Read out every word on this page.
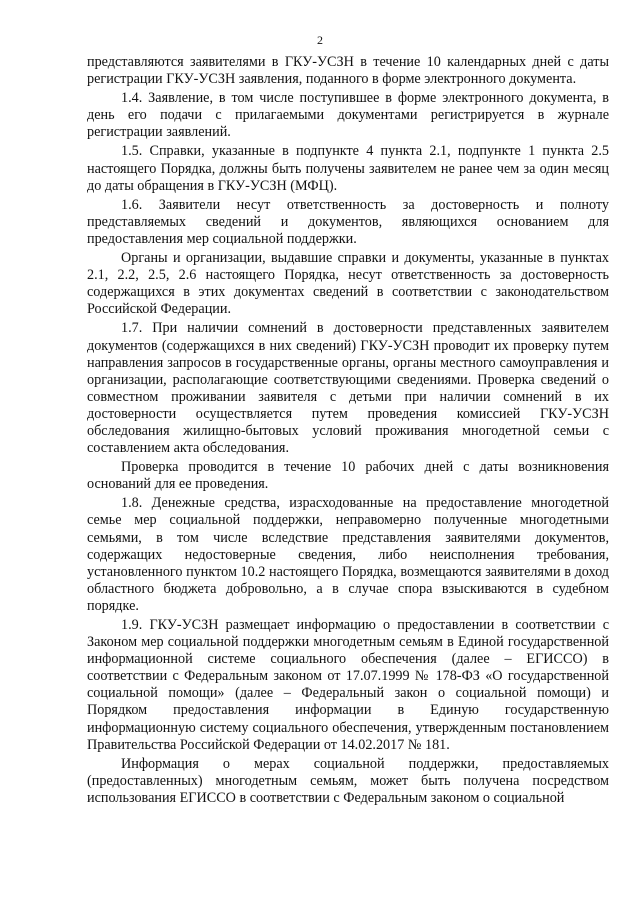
2

представляются заявителями в ГКУ-УСЗН в течение 10 календарных дней с даты регистрации ГКУ-УСЗН заявления, поданного в форме электронного документа.

1.4. Заявление, в том числе поступившее в форме электронного документа, в день его подачи с прилагаемыми документами регистрируется в журнале регистрации заявлений.

1.5. Справки, указанные в подпункте 4 пункта 2.1, подпункте 1 пункта 2.5 настоящего Порядка, должны быть получены заявителем не ранее чем за один месяц до даты обращения в ГКУ-УСЗН (МФЦ).

1.6. Заявители несут ответственность за достоверность и полноту представляемых сведений и документов, являющихся основанием для предоставления мер социальной поддержки.

Органы и организации, выдавшие справки и документы, указанные в пунктах 2.1, 2.2, 2.5, 2.6 настоящего Порядка, несут ответственность за достоверность содержащихся в этих документах сведений в соответствии с законодательством Российской Федерации.

1.7. При наличии сомнений в достоверности представленных заявителем документов (содержащихся в них сведений) ГКУ-УСЗН проводит их проверку путем направления запросов в государственные органы, органы местного самоуправления и организации, располагающие соответствующими сведениями. Проверка сведений о совместном проживании заявителя с детьми при наличии сомнений в их достоверности осуществляется путем проведения комиссией ГКУ-УСЗН обследования жилищно-бытовых условий проживания многодетной семьи с составлением акта обследования.

Проверка проводится в течение 10 рабочих дней с даты возникновения оснований для ее проведения.

1.8. Денежные средства, израсходованные на предоставление многодетной семье мер социальной поддержки, неправомерно полученные многодетными семьями, в том числе вследствие представления заявителями документов, содержащих недостоверные сведения, либо неисполнения требования, установленного пунктом 10.2 настоящего Порядка, возмещаются заявителями в доход областного бюджета добровольно, а в случае спора взыскиваются в судебном порядке.

1.9. ГКУ-УСЗН размещает информацию о предоставлении в соответствии с Законом мер социальной поддержки многодетным семьям в Единой государственной информационной системе социального обеспечения (далее – ЕГИССО) в соответствии с Федеральным законом от 17.07.1999 № 178-ФЗ «О государственной социальной помощи» (далее – Федеральный закон о социальной помощи) и Порядком предоставления информации в Единую государственную информационную систему социального обеспечения, утвержденным постановлением Правительства Российской Федерации от 14.02.2017 № 181.

Информация о мерах социальной поддержки, предоставляемых (предоставленных) многодетным семьям, может быть получена посредством использования ЕГИССО в соответствии с Федеральным законом о социальной
